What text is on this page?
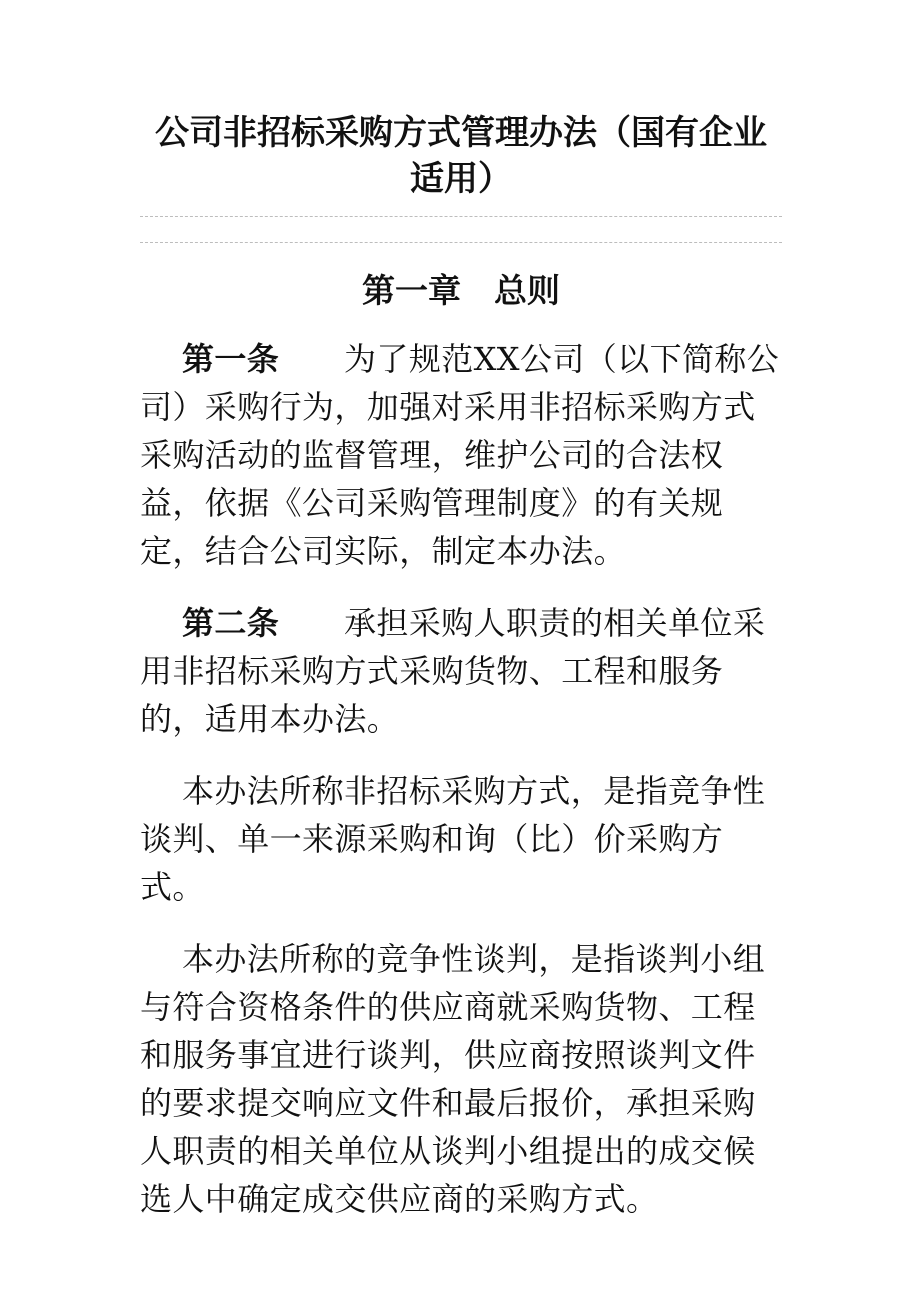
公司非招标采购方式管理办法（国有企业适用）
第一章　总则

第一条　　为了规范XX公司（以下简称公司）采购行为，加强对采用非招标采购方式采购活动的监督管理，维护公司的合法权益，依据《公司采购管理制度》的有关规定，结合公司实际，制定本办法。

第二条　　承担采购人职责的相关单位采用非招标采购方式采购货物、工程和服务的，适用本办法。

本办法所称非招标采购方式，是指竞争性谈判、单一来源采购和询（比）价采购方式。

本办法所称的竞争性谈判，是指谈判小组与符合资格条件的供应商就采购货物、工程和服务事宜进行谈判，供应商按照谈判文件的要求提交响应文件和最后报价，承担采购人职责的相关单位从谈判小组提出的成交候选人中确定成交供应商的采购方式。
